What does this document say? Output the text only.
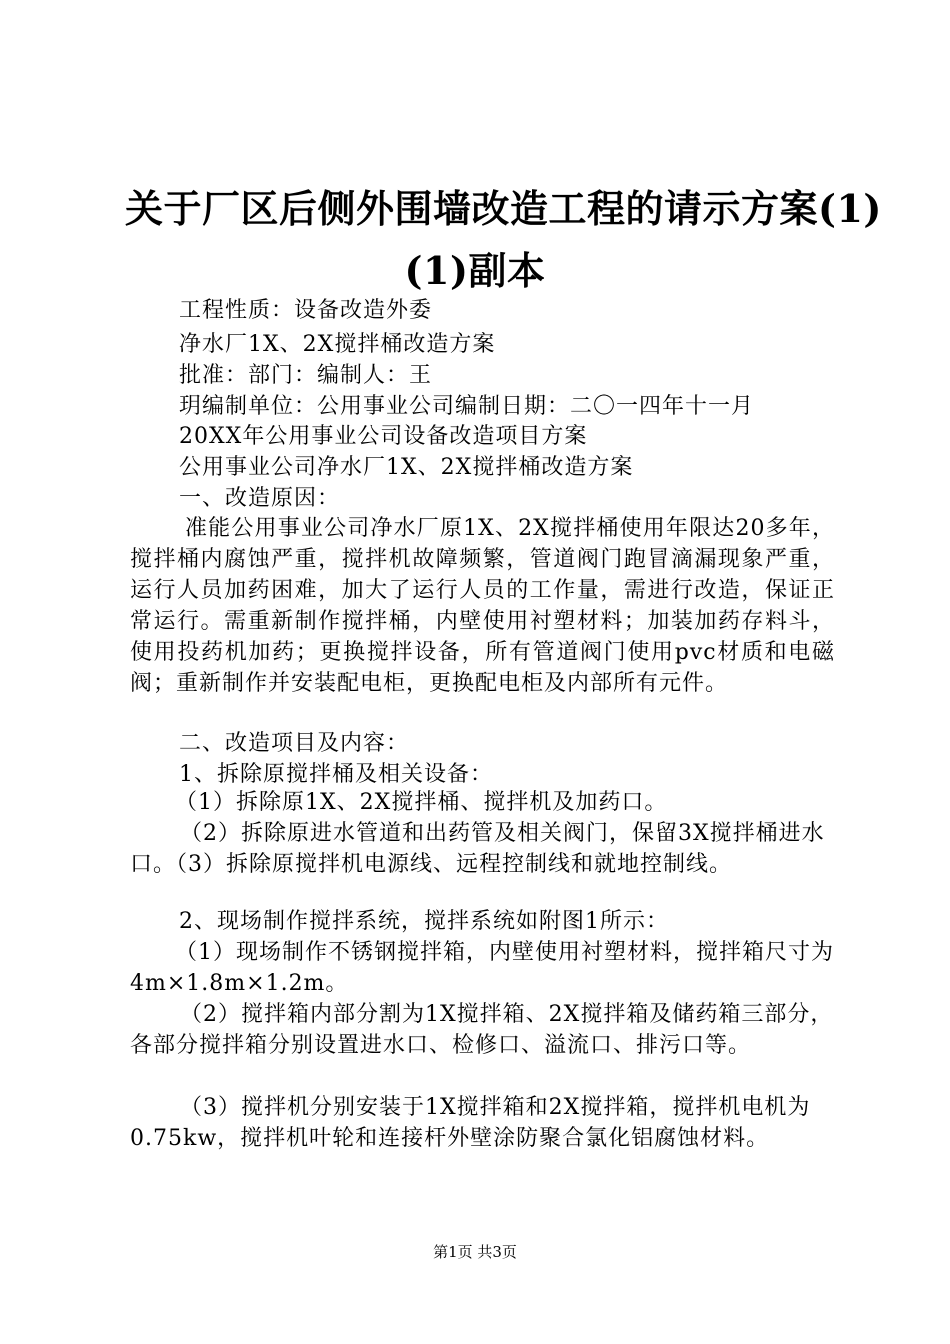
关于厂区后侧外围墙改造工程的请示方案(1)
(1)副本

工程性质：设备改造外委

净水厂1X、2X搅拌桶改造方案

批准：部门：编制人：王

玥编制单位：公用事业公司编制日期：二〇一四年十一月

20XX年公用事业公司设备改造项目方案

公用事业公司净水厂1X、2X搅拌桶改造方案

一、改造原因：

准能公用事业公司净水厂原1X、2X搅拌桶使用年限达20多年，搅拌桶内腐蚀严重，搅拌机故障频繁，管道阀门跑冒滴漏现象严重，运行人员加药困难，加大了运行人员的工作量，需进行改造，保证正常运行。需重新制作搅拌桶，内壁使用衬塑材料；加装加药存料斗，使用投药机加药；更换搅拌设备，所有管道阀门使用pvc材质和电磁阀；重新制作并安装配电柜，更换配电柜及内部所有元件。

二、改造项目及内容：

1、拆除原搅拌桶及相关设备：

（1）拆除原1X、2X搅拌桶、搅拌机及加药口。

（2）拆除原进水管道和出药管及相关阀门，保留3X搅拌桶进水口。（3）拆除原搅拌机电源线、远程控制线和就地控制线。

2、现场制作搅拌系统，搅拌系统如附图1所示：

（1）现场制作不锈钢搅拌箱，内壁使用衬塑材料，搅拌箱尺寸为4m×1.8m×1.2m。

（2）搅拌箱内部分割为1X搅拌箱、2X搅拌箱及储药箱三部分，各部分搅拌箱分别设置进水口、检修口、溢流口、排污口等。

（3）搅拌机分别安装于1X搅拌箱和2X搅拌箱，搅拌机电机为0.75kw，搅拌机叶轮和连接杆外壁涂防聚合氯化铝腐蚀材料。

第1页 共3页
